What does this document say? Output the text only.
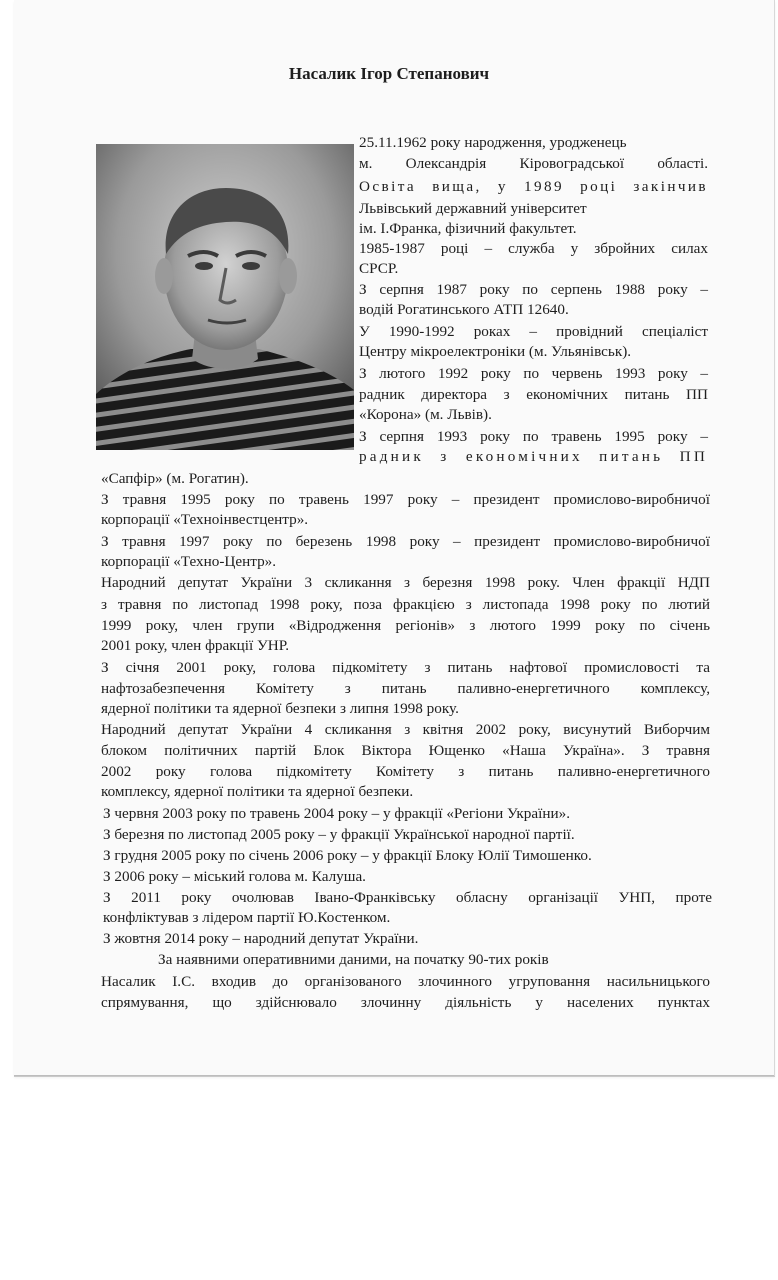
Насалик Ігор Степанович
25.11.1962 року народження, уродженець
м. Олександрія Кіровоградської області.
Освіта вища, у 1989 році закінчив
Львівський державний університет
ім. І.Франка, фізичний факультет.
1985-1987 році – служба у збройних силах
СРСР.
З серпня 1987 року по серпень 1988 року –
водій Рогатинського АТП 12640.
У 1990-1992 роках – провідний спеціаліст
Центру мікроелектроніки (м. Ульянівськ).
З лютого 1992 року по червень 1993 року –
радник директора з економічних питань ПП
«Корона» (м. Львів).
З серпня 1993 року по травень 1995 року –
радник з економічних питань ПП
«Сапфір» (м. Рогатин).
З травня 1995 року по травень 1997 року – президент промислово-виробничої
корпорації «Техноінвестцентр».
З травня 1997 року по березень 1998 року – президент промислово-виробничої
корпорації «Техно-Центр».
Народний депутат України 3 скликання з березня 1998 року. Член фракції НДП
з травня по листопад 1998 року, поза фракцією з листопада 1998 року по лютий
1999 року, член групи «Відродження регіонів» з лютого 1999 року по січень
2001 року, член фракції УНР.
З січня 2001 року, голова підкомітету з питань нафтової промисловості та
нафтозабезпечення Комітету з питань паливно-енергетичного комплексу,
ядерної політики та ядерної безпеки з липня 1998 року.
Народний депутат України 4 скликання з квітня 2002 року, висунутий Виборчим
блоком політичних партій Блок Віктора Ющенко «Наша Україна». З травня
2002 року голова підкомітету Комітету з питань паливно-енергетичного
комплексу, ядерної політики та ядерної безпеки.
З червня 2003 року по травень 2004 року – у фракції «Регіони України».
З березня по листопад 2005 року – у фракції Української народної партії.
З грудня 2005 року по січень 2006 року – у фракції Блоку Юлії Тимошенко.
З 2006 року – міський голова м. Калуша.
З 2011 року очолював Івано-Франківську обласну організації УНП, проте
конфліктував з лідером партії Ю.Костенком.
З жовтня 2014 року – народний депутат України.
За наявними оперативними даними, на початку 90-тих років
Насалик І.С. входив до організованого злочинного угруповання насильницького
спрямування, що здійснювало злочинну діяльність у населених пунктах
